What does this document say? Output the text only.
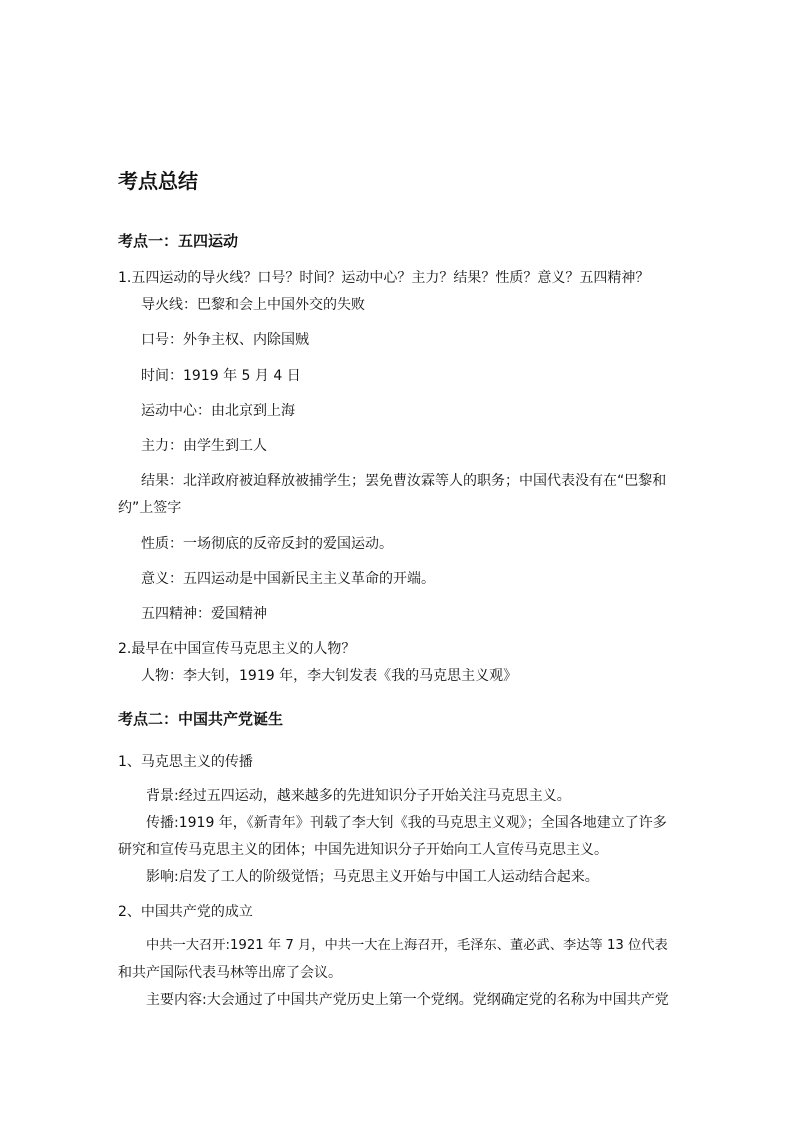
考点总结
考点一：五四运动
1.五四运动的导火线？口号？时间？运动中心？主力？结果？性质？意义？五四精神？
导火线：巴黎和会上中国外交的失败
口号：外争主权、内除国贼
时间：1919 年 5 月 4 日
运动中心：由北京到上海
主力：由学生到工人
结果：北洋政府被迫释放被捕学生；罢免曹汝霖等人的职务；中国代表没有在“巴黎和
约”上签字
性质：一场彻底的反帝反封的爱国运动。
意义：五四运动是中国新民主主义革命的开端。
五四精神：爱国精神
2.最早在中国宣传马克思主义的人物？
人物：李大钊，1919 年，李大钊发表《我的马克思主义观》
考点二：中国共产党诞生
1、马克思主义的传播
背景:经过五四运动，越来越多的先进知识分子开始关注马克思主义。
传播:1919 年，《新青年》刊载了李大钊《我的马克思主义观》；全国各地建立了许多
研究和宣传马克思主义的团体；中国先进知识分子开始向工人宣传马克思主义。
影响:启发了工人的阶级觉悟；马克思主义开始与中国工人运动结合起来。
2、中国共产党的成立
中共一大召开:1921 年 7 月，中共一大在上海召开，毛泽东、董必武、李达等 13 位代表
和共产国际代表马林等出席了会议。
主要内容:大会通过了中国共产党历史上第一个党纲。党纲确定党的名称为中国共产党
